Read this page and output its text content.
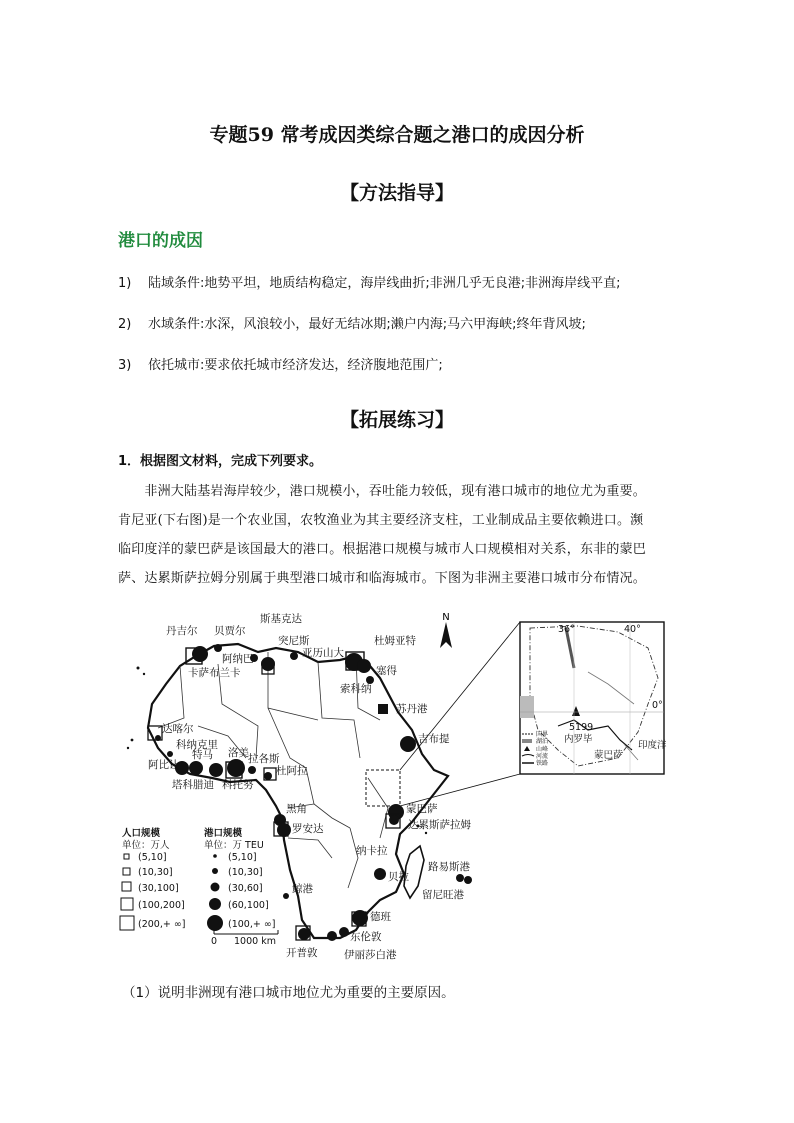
专题59 常考成因类综合题之港口的成因分析
【方法指导】
港口的成因
1) 陆域条件:地势平坦，地质结构稳定，海岸线曲折;非洲几乎无良港;非洲海岸线平直;
2) 水域条件:水深，风浪较小，最好无结冰期;濑户内海;马六甲海峡;终年背风坡;
3) 依托城市:要求依托城市经济发达，经济腹地范围广;
【拓展练习】
1．根据图文材料，完成下列要求。
　　非洲大陆基岩海岸较少，港口规模小，吞吐能力较低，现有港口城市的地位尤为重要。
肯尼亚(下右图)是一个农业国，农牧渔业为其主要经济支柱，工业制成品主要依赖进口。濒
临印度洋的蒙巴萨是该国最大的港口。根据港口规模与城市人口规模相对关系，东非的蒙巴
萨、达累斯萨拉姆分别属于典型港口城市和临海城市。下图为非洲主要港口城市分布情况。
N
丹吉尔 贝贾尔
斯基克达
突尼斯
阿纳巴
卡萨布兰卡
亚历山大
杜姆亚特
塞得
索科纳
苏丹港
吉布提
达喀尔
科纳克里
洛美
阿比让
特马	拉各斯
塔科腊迪 科托努
杜阿拉
黑角
罗安达
蒙巴萨
达累斯萨拉姆
纳卡拉
路易斯港
留尼旺港
贝拉
鲸港
德班
开普敦
东伦敦
伊丽莎白港
人口规模
单位：万人
港口规模
单位：万 TEU
(5,10]
(10,30]
(30,100]
(100,200]
(200,+ ∞]
(5,10]
(10,30]
(30,60]
(60,100]
(100,+ ∞]
0 1000 km
36°	40°
0°
5199
内罗毕
蒙巴萨
印度洋
国界
湖泊
山峰
河流
铁路
（1）说明非洲现有港口城市地位尤为重要的主要原因。
